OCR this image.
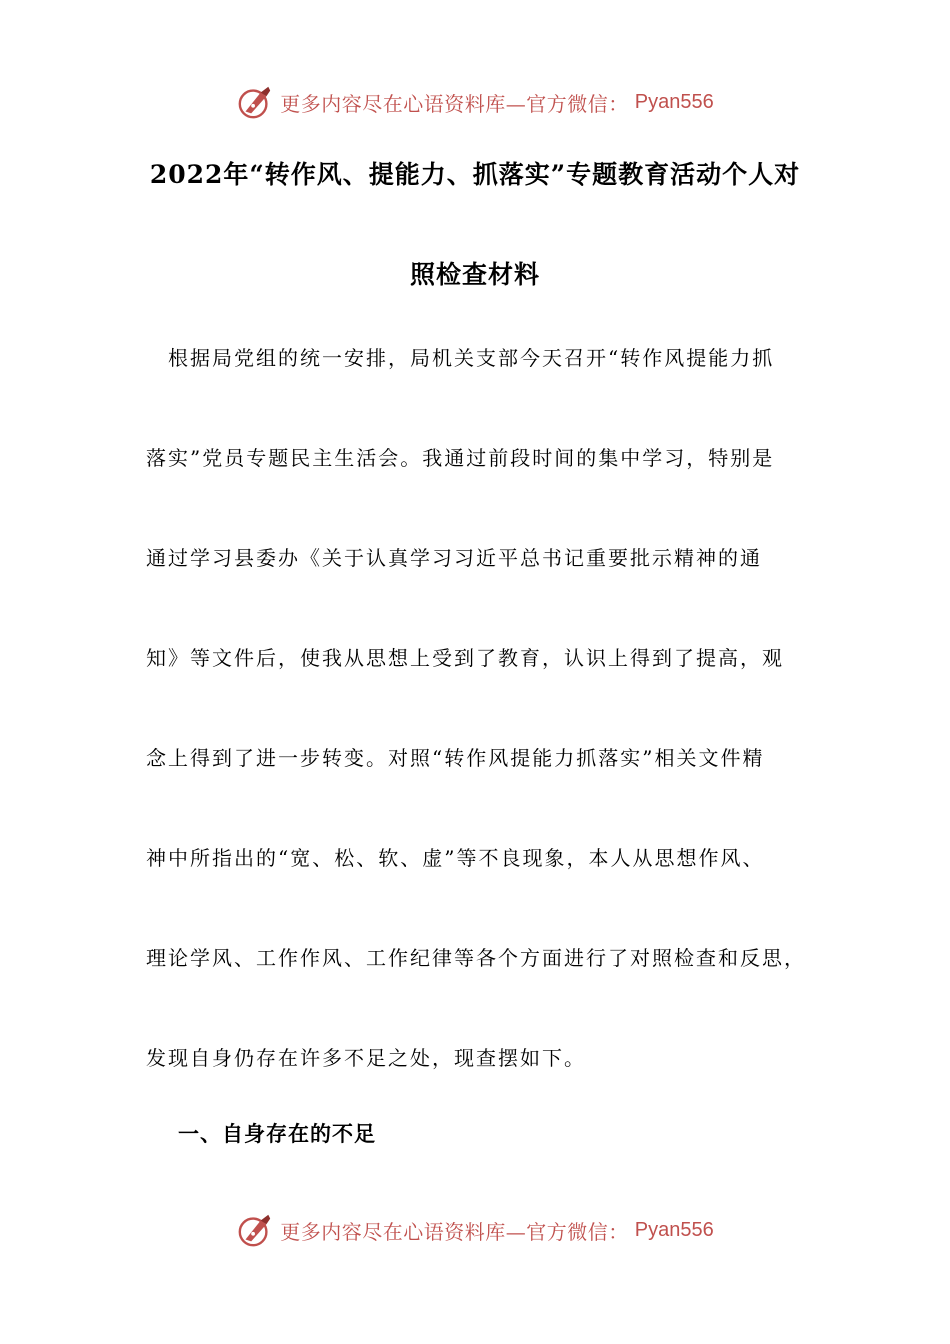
更多内容尽在心语资料库—官方微信： Pyan556
2022年“转作风、提能力、抓落实”专题教育活动个人对
照检查材料
　根据局党组的统一安排，局机关支部今天召开“转作风提能力抓
落实”党员专题民主生活会。我通过前段时间的集中学习，特别是
通过学习县委办《关于认真学习习近平总书记重要批示精神的通
知》等文件后，使我从思想上受到了教育，认识上得到了提高，观
念上得到了进一步转变。对照“转作风提能力抓落实”相关文件精
神中所指出的“宽、松、软、虚”等不良现象，本人从思想作风、
理论学风、工作作风、工作纪律等各个方面进行了对照检查和反思，
发现自身仍存在许多不足之处，现查摆如下。
一、自身存在的不足
更多内容尽在心语资料库—官方微信： Pyan556
